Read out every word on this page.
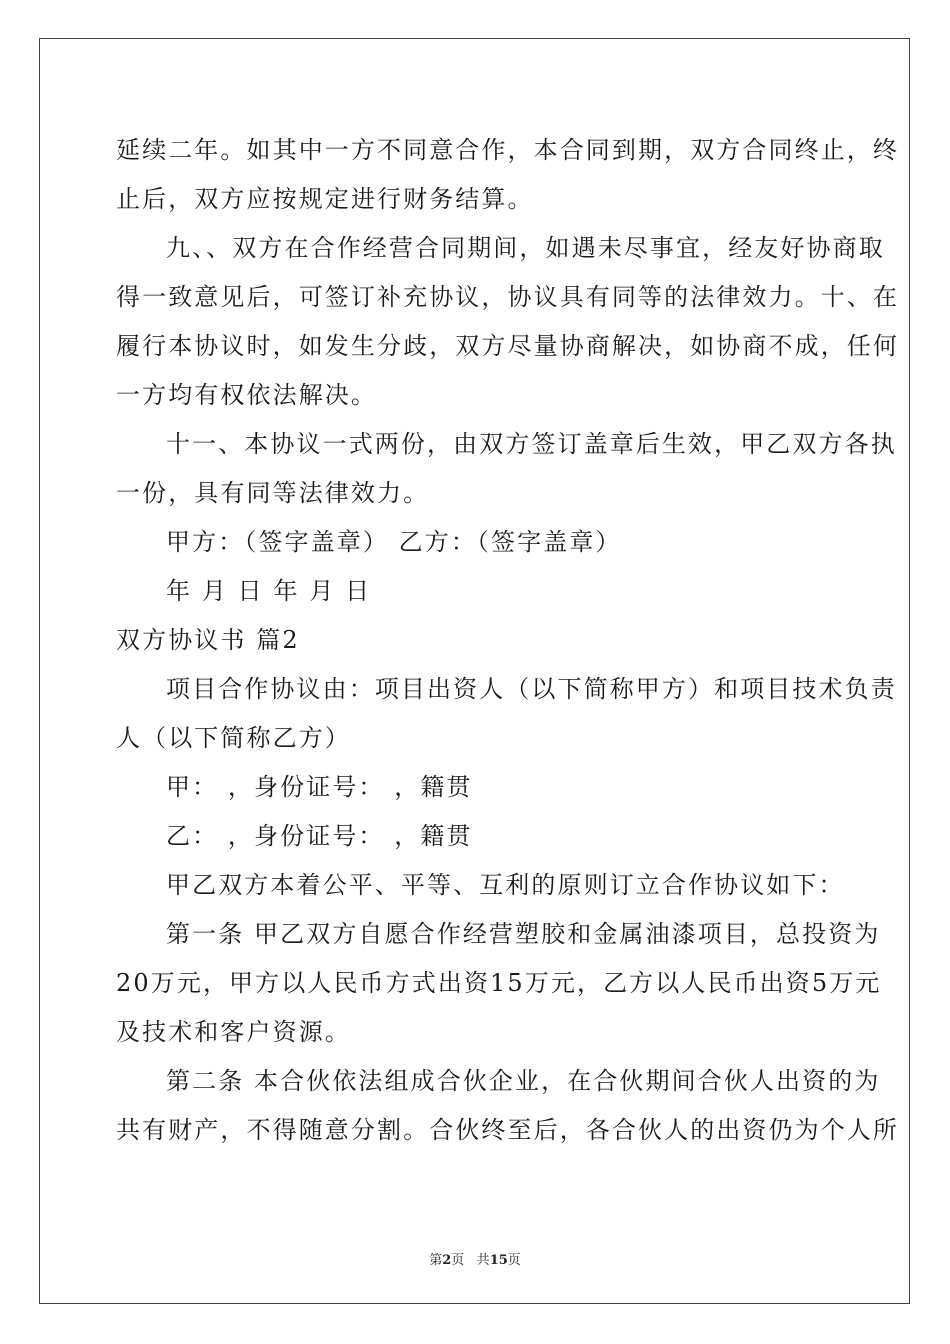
延续二年。如其中一方不同意合作，本合同到期，双方合同终止，终
止后，双方应按规定进行财务结算。
九、、双方在合作经营合同期间，如遇未尽事宜，经友好协商取
得一致意见后，可签订补充协议，协议具有同等的法律效力。十、在
履行本协议时，如发生分歧，双方尽量协商解决，如协商不成，任何
一方均有权依法解决。
十一、本协议一式两份，由双方签订盖章后生效，甲乙双方各执
一份，具有同等法律效力。
甲方：（签字盖章） 乙方：（签字盖章）
年 月 日 年 月 日
双方协议书 篇2
项目合作协议由：项目出资人（以下简称甲方）和项目技术负责
人（以下简称乙方）
甲： ，身份证号： ，籍贯
乙： ，身份证号： ，籍贯
甲乙双方本着公平、平等、互利的原则订立合作协议如下：
第一条 甲乙双方自愿合作经营塑胶和金属油漆项目，总投资为
20万元，甲方以人民币方式出资15万元，乙方以人民币出资5万元
及技术和客户资源。
第二条 本合伙依法组成合伙企业，在合伙期间合伙人出资的为
共有财产，不得随意分割。合伙终至后，各合伙人的出资仍为个人所
第2页 共15页
